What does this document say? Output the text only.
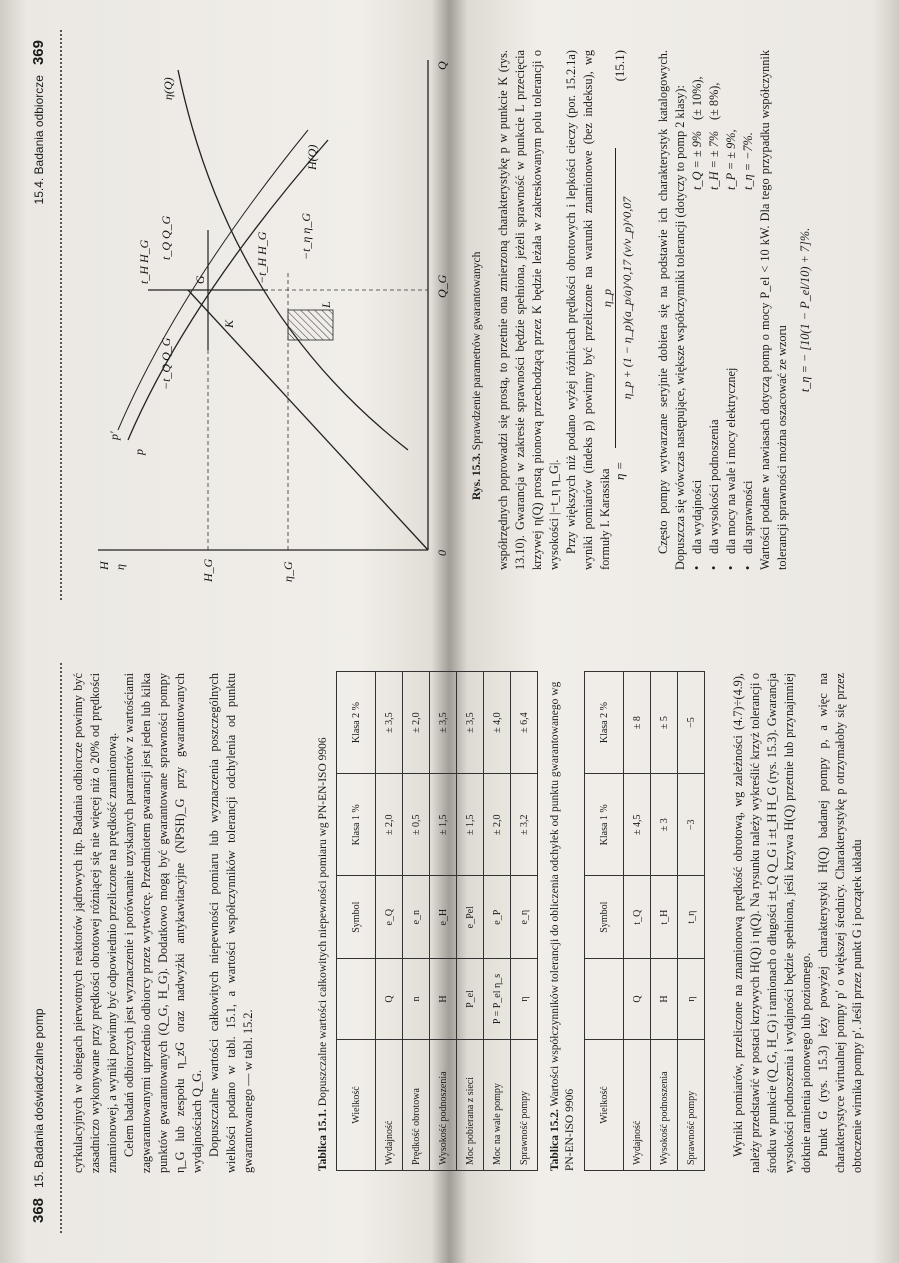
368   15. Badania doświadczalne pomp cyrkulacyjnych w obiegach pierwotnych reaktorów jądrowych itp. Badania odbiorcze powinny być zasadniczo wykonywane przy prędkości obrotowej różniącej się nie więcej niż o 20% od prędkości znamionowej, a wyniki powinny być odpowiednio przeliczone na prędkość znamionową. Celem badań odbiorczych jest wyznaczenie i porównanie uzyskanych parametrów z wartościami zagwarantowanymi uprzednio odbiorcy przez wytwórcę. Przedmiotem gwarancji jest jeden lub kilka punktów gwarantowanych (Q_G, H_G). Dodatkowo mogą być gwarantowane sprawności pompy η_G lub zespołu η_zG oraz nadwyżki antykawitacyjne (NPSH)_G przy gwarantowanych wydajnościach Q_G. Dopuszczalne wartości całkowitych niepewności pomiaru lub wyznaczenia poszczególnych wielkości podano w tabl. 15.1, a wartości współczynników tolerancji odchylenia od punktu gwarantowanego — w tabl. 15.2.	Tablica 15.1. Dopuszczalne wartości całkowitych niepewności pomiaru wg PN-EN-ISO 9906 Wielkość		Symbol	Klasa 1 %	Klasa 2 %
Wydajność	Q	e_Q	± 2,0	± 3,5
Prędkość obrotowa	n	e_n	± 0,5	± 2,0
Wysokość podnoszenia	H	e_H	± 1,5	± 3,5
Moc pobierana z sieci	P_el	e_Pel	± 1,5	± 3,5
Moc na wale pompy	P = P_el η_s	e_P	± 2,0	± 4,0
Sprawność pompy	η	e_η	± 3,2	± 6,4
Tablica 15.2. Wartości współczynników tolerancji do obliczenia odchyłek od punktu gwarantowanego wg PN-EN-ISO 9906 Wielkość		Symbol	Klasa 1 %	Klasa 2 %
Wydajność	Q	t_Q	± 4,5	± 8
Wysokość podnoszenia	H	t_H	± 3	± 5
Sprawność pompy	η	t_η	−3	−5	Wyniki pomiarów, przeliczone na znamionową prędkość obrotową, wg zależności (4.7)÷(4.9), należy przedstawić w postaci krzywych H(Q) i η(Q). Na rysunku należy wykreślić krzyż tolerancji o środku w punkcie (Q_G, H_G) i ramionach o długości ±t_Q Q_G i ±t_H H_G (rys. 15.3). Gwarancja wysokości podnoszenia i wydajności będzie spełniona, jeśli krzywa H(Q) przetnie lub przynajmniej dotknie ramienia pionowego lub poziomego. Punkt G (rys. 15.3) leży powyżej charakterystyki H(Q) badanej pompy p, a więc na charakterystyce wirtualnej pompy p′ o większej średnicy. Charakterystykę p otrzymałoby się przez obtoczenie wirnika pompy p′. Jeśli przez punkt G i początek układu

15.4. Badania odbiorcze   369
H η	H_G	η_G
0
Q_G
Q
p′
p
K
G
L
H(Q)
η(Q)
−t_Q Q_G
t_Q Q_G
t_H H_G	−t_H H_G	−t_η η_G
Rys. 15.3. Sprawdzenie parametrów gwarantowanych współrzędnych poprowadzi się prostą, to przetnie ona zmierzoną charakterystykę p w punkcie K (rys. 13.10). Gwarancja w zakresie sprawności będzie spełniona, jeżeli sprawność w punkcie L przecięcia krzywej η(Q) prostą pionową przechodzącą przez K będzie leżała w zakreskowanym polu tolerancji o wysokości |−t_η η_G|. Przy większych niż podano wyżej różnicach prędkości obrotowych i lepkości cieczy (por. 15.2.1a) wyniki pomiarów (indeks p) powinny być przeliczone na warunki znamionowe (bez indeksu), wg formuły I. Karassika η =
η_p η_p + (1 − η_p)(a_p/a)^0,17 (ν/ν_p)^0,07
(15.1) Często pompy wytwarzane seryjnie dobiera się na podstawie ich charakterystyk katalogowych. Dopuszcza się wówczas następujące, większe współczynniki tolerancji (dotyczy to pomp 2 klasy): •
dla wydajności
t_Q = ± 9%
(± 10%),
•
dla wysokości podnoszenia
t_H = ± 7%
(± 8%),
•
dla mocy na wale i mocy elektrycznej
t_P = ± 9%,
•
dla sprawności
t_η = −7%. Wartości podane w nawiasach dotyczą pomp o mocy P_el < 10 kW. Dla tego przypadku współczynnik tolerancji sprawności można oszacować ze wzoru

t_η = − [10(1 − P_el/10) + 7]%.
